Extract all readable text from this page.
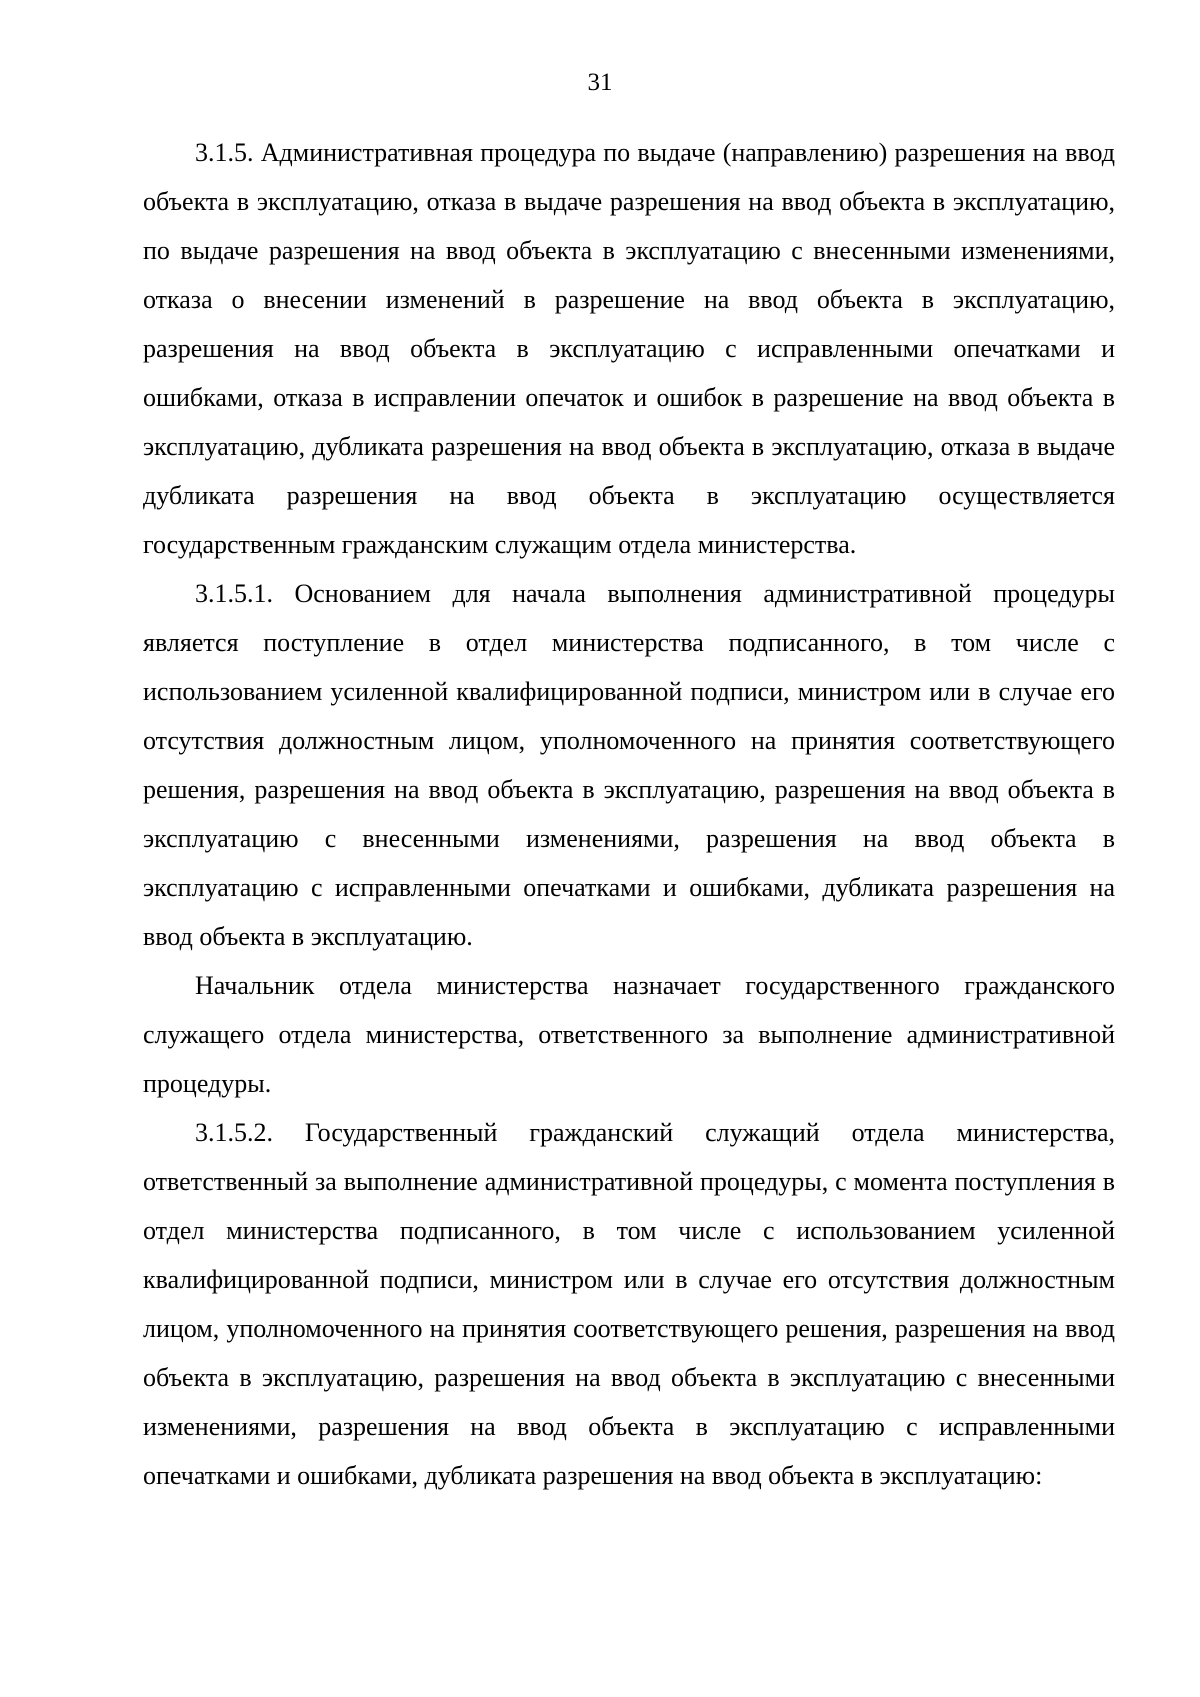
31

3.1.5. Административная процедура по выдаче (направлению) разрешения на ввод объекта в эксплуатацию, отказа в выдаче разрешения на ввод объекта в эксплуатацию, по выдаче разрешения на ввод объекта в эксплуатацию с внесенными изменениями, отказа о внесении изменений в разрешение на ввод объекта в эксплуатацию, разрешения на ввод объекта в эксплуатацию с исправленными опечатками и ошибками, отказа в исправлении опечаток и ошибок в разрешение на ввод объекта в эксплуатацию, дубликата разрешения на ввод объекта в эксплуатацию, отказа в выдаче дубликата разрешения на ввод объекта в эксплуатацию осуществляется государственным гражданским служащим отдела министерства.

3.1.5.1. Основанием для начала выполнения административной процедуры является поступление в отдел министерства подписанного, в том числе с использованием усиленной квалифицированной подписи, министром или в случае его отсутствия должностным лицом, уполномоченного на принятия соответствующего решения, разрешения на ввод объекта в эксплуатацию, разрешения на ввод объекта в эксплуатацию с внесенными изменениями, разрешения на ввод объекта в эксплуатацию с исправленными опечатками и ошибками, дубликата разрешения на ввод объекта в эксплуатацию.

Начальник отдела министерства назначает государственного гражданского служащего отдела министерства, ответственного за выполнение административной процедуры.

3.1.5.2. Государственный гражданский служащий отдела министерства, ответственный за выполнение административной процедуры, с момента поступления в отдел министерства подписанного, в том числе с использованием усиленной квалифицированной подписи, министром или в случае его отсутствия должностным лицом, уполномоченного на принятия соответствующего решения, разрешения на ввод объекта в эксплуатацию, разрешения на ввод объекта в эксплуатацию с внесенными изменениями, разрешения на ввод объекта в эксплуатацию с исправленными опечатками и ошибками, дубликата разрешения на ввод объекта в эксплуатацию:
